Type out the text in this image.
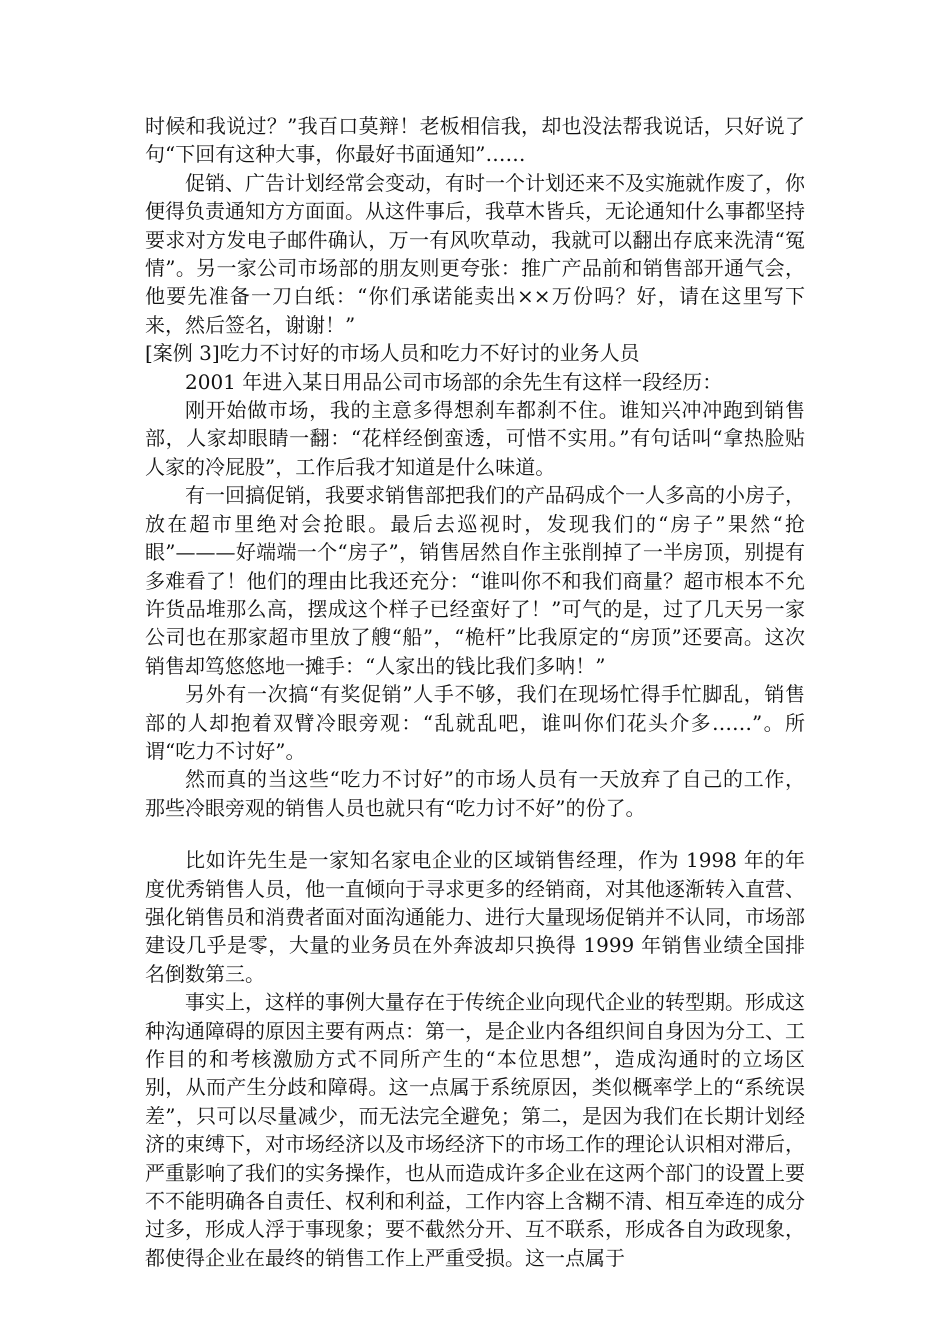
时候和我说过？”我百口莫辩！老板相信我，却也没法帮我说话，只好说了句“下回有这种大事，你最好书面通知”……

促销、广告计划经常会变动，有时一个计划还来不及实施就作废了，你便得负责通知方方面面。从这件事后，我草木皆兵，无论通知什么事都坚持要求对方发电子邮件确认，万一有风吹草动，我就可以翻出存底来洗清“冤情”。另一家公司市场部的朋友则更夸张：推广产品前和销售部开通气会，他要先准备一刀白纸：“你们承诺能卖出××万份吗？好，请在这里写下来，然后签名，谢谢！”

[案例 3]吃力不讨好的市场人员和吃力不好讨的业务人员

2001 年进入某日用品公司市场部的余先生有这样一段经历：

刚开始做市场，我的主意多得想刹车都刹不住。谁知兴冲冲跑到销售部，人家却眼睛一翻：“花样经倒蛮透，可惜不实用。”有句话叫“拿热脸贴人家的冷屁股”，工作后我才知道是什么味道。

有一回搞促销，我要求销售部把我们的产品码成个一人多高的小房子，放在超市里绝对会抢眼。最后去巡视时，发现我们的“房子”果然“抢眼”———好端端一个“房子”，销售居然自作主张削掉了一半房顶，别提有多难看了！他们的理由比我还充分：“谁叫你不和我们商量？超市根本不允许货品堆那么高，摆成这个样子已经蛮好了！”可气的是，过了几天另一家公司也在那家超市里放了艘“船”，“桅杆”比我原定的“房顶”还要高。这次销售却笃悠悠地一摊手：“人家出的钱比我们多呐！”

另外有一次搞“有奖促销”人手不够，我们在现场忙得手忙脚乱，销售部的人却抱着双臂冷眼旁观：“乱就乱吧，谁叫你们花头介多……”。所谓“吃力不讨好”。

然而真的当这些“吃力不讨好”的市场人员有一天放弃了自己的工作，那些冷眼旁观的销售人员也就只有“吃力讨不好”的份了。

比如许先生是一家知名家电企业的区域销售经理，作为 1998 年的年度优秀销售人员，他一直倾向于寻求更多的经销商，对其他逐渐转入直营、强化销售员和消费者面对面沟通能力、进行大量现场促销并不认同，市场部建设几乎是零，大量的业务员在外奔波却只换得 1999 年销售业绩全国排名倒数第三。

事实上，这样的事例大量存在于传统企业向现代企业的转型期。形成这种沟通障碍的原因主要有两点：第一，是企业内各组织间自身因为分工、工作目的和考核激励方式不同所产生的“本位思想”，造成沟通时的立场区别，从而产生分歧和障碍。这一点属于系统原因，类似概率学上的“系统误差”，只可以尽量减少，而无法完全避免；第二，是因为我们在长期计划经济的束缚下，对市场经济以及市场经济下的市场工作的理论认识相对滞后，严重影响了我们的实务操作，也从而造成许多企业在这两个部门的设置上要不不能明确各自责任、权利和利益，工作内容上含糊不清、相互牵连的成分过多，形成人浮于事现象；要不截然分开、互不联系，形成各自为政现象，都使得企业在最终的销售工作上严重受损。这一点属于
